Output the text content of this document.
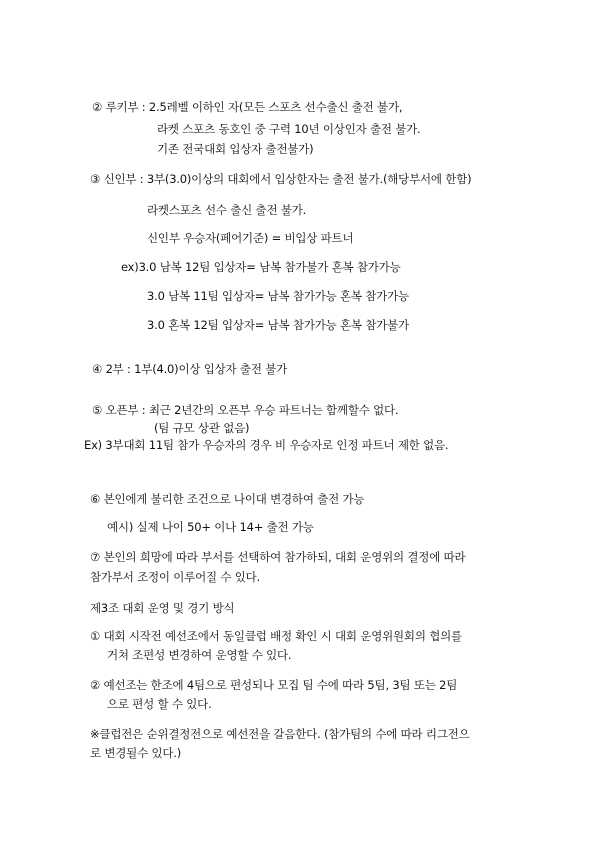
② 루키부 : 2.5레벨 이하인 자(모든 스포츠 선수출신 출전 불가,
라켓 스포츠 동호인 중 구력 10년 이상인자 출전 불가.
기존 전국대회 입상자 출전불가)
③ 신인부 : 3부(3.0)이상의 대회에서 입상한자는 출전 불가.(해당부서에 한함)
라켓스포츠 선수 출신 출전 불가.
신인부 우승자(페어기준) = 비입상 파트너
ex)3.0 남복 12팀 입상자= 남복 참가불가 혼복 참가가능
3.0 남복 11팀 입상자= 남복 참가가능 혼복 참가가능
3.0 혼복 12팀 입상자= 남복 참가가능 혼복 참가불가
④ 2부 : 1부(4.0)이상 입상자 출전 불가
⑤ 오픈부 : 최근 2년간의 오픈부 우승 파트너는 함께할수 없다.
(팀 규모 상관 없음)
Ex) 3부대회 11팀 참가 우승자의 경우 비 우승자로 인정 파트너 제한 없음.
⑥ 본인에게 불리한 조건으로 나이대 변경하여 출전 가능
예시) 실제 나이 50+ 이나 14+ 출전 가능
⑦ 본인의 희망에 따라 부서를 선택하여 참가하되, 대회 운영위의 결정에 따라
참가부서 조정이 이루어질 수 있다.
제3조 대회 운영 및 경기 방식
① 대회 시작전 예선조에서 동일클럽 배정 확인 시 대회 운영위원회의 협의를
거쳐 조편성 변경하여 운영할 수 있다.
② 예선조는 한조에 4팀으로 편성되나 모집 팀 수에 따라 5팀, 3팀 또는 2팀
으로 편성 할 수 있다.
※클럽전은 순위결정전으로 예선전을 갈음한다. (참가팀의 수에 따라 리그전으
로 변경될수 있다.)
